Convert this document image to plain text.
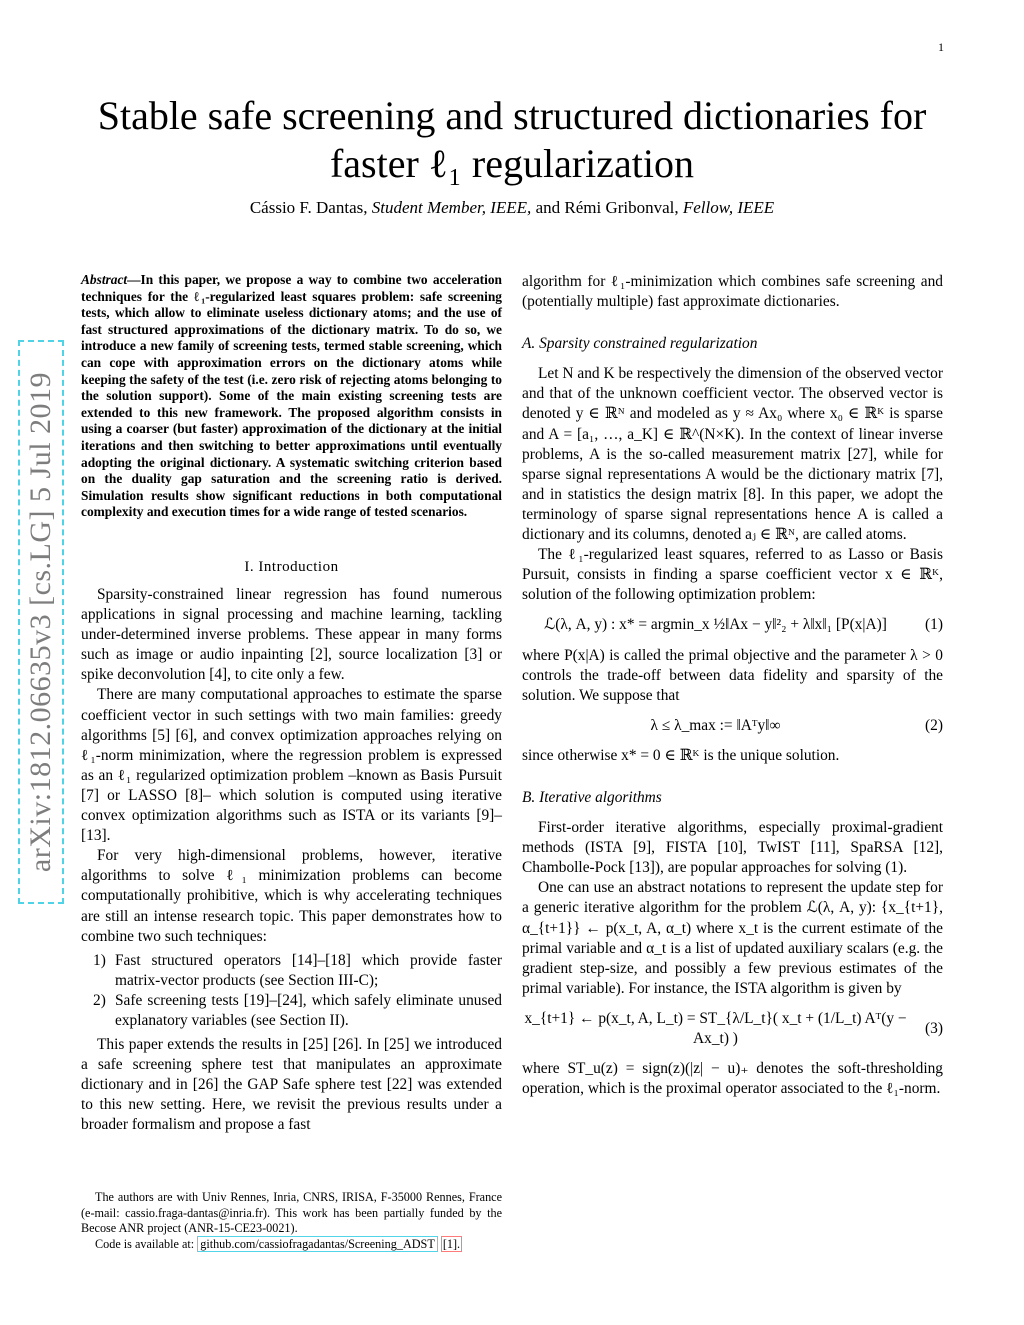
1
Stable safe screening and structured dictionaries for
faster ℓ₁ regularization
Cássio F. Dantas, Student Member, IEEE, and Rémi Gribonval, Fellow, IEEE
arXiv:1812.06635v3 [cs.LG] 5 Jul 2019

Abstract—In this paper, we propose a way to combine two acceleration techniques for the ℓ₁-regularized least squares problem: safe screening tests, which allow to eliminate useless dictionary atoms; and the use of fast structured approximations of the dictionary matrix. To do so, we introduce a new family of screening tests, termed stable screening, which can cope with approximation errors on the dictionary atoms while keeping the safety of the test (i.e. zero risk of rejecting atoms belonging to the solution support). Some of the main existing screening tests are extended to this new framework. The proposed algorithm consists in using a coarser (but faster) approximation of the dictionary at the initial iterations and then switching to better approximations until eventually adopting the original dictionary. A systematic switching criterion based on the duality gap saturation and the screening ratio is derived. Simulation results show significant reductions in both computational complexity and execution times for a wide range of tested scenarios.

I. Introduction

Sparsity-constrained linear regression has found numerous applications in signal processing and machine learning, tackling under-determined inverse problems. These appear in many forms such as image or audio inpainting [2], source localization [3] or spike deconvolution [4], to cite only a few.

There are many computational approaches to estimate the sparse coefficient vector in such settings with two main families: greedy algorithms [5] [6], and convex optimization approaches relying on ℓ₁-norm minimization, where the regression problem is expressed as an ℓ₁ regularized optimization problem –known as Basis Pursuit [7] or LASSO [8]– which solution is computed using iterative convex optimization algorithms such as ISTA or its variants [9]–[13].

For very high-dimensional problems, however, iterative algorithms to solve ℓ₁ minimization problems can become computationally prohibitive, which is why accelerating techniques are still an intense research topic. This paper demonstrates how to combine two such techniques:

1) Fast structured operators [14]–[18] which provide faster matrix-vector products (see Section III-C);
2) Safe screening tests [19]–[24], which safely eliminate unused explanatory variables (see Section II).

This paper extends the results in [25] [26]. In [25] we introduced a safe screening sphere test that manipulates an approximate dictionary and in [26] the GAP Safe sphere test [22] was extended to this new setting. Here, we revisit the previous results under a broader formalism and propose a fast

The authors are with Univ Rennes, Inria, CNRS, IRISA, F-35000 Rennes, France (e-mail: cassio.fraga-dantas@inria.fr). This work has been partially funded by the Becose ANR project (ANR-15-CE23-0021).

Code is available at: github.com/cassiofragadantas/Screening_ADST [1].

algorithm for ℓ₁-minimization which combines safe screening and (potentially multiple) fast approximate dictionaries.

A. Sparsity constrained regularization

Let N and K be respectively the dimension of the observed vector and that of the unknown coefficient vector. The observed vector is denoted y ∈ ℝᴺ and modeled as y ≈ Ax₀ where x₀ ∈ ℝᴷ is sparse and A = [a₁, …, a_K] ∈ ℝ^(N×K). In the context of linear inverse problems, A is the so-called measurement matrix [27], while for sparse signal representations A would be the dictionary matrix [7], and in statistics the design matrix [8]. In this paper, we adopt the terminology of sparse signal representations hence A is called a dictionary and its columns, denoted aⱼ ∈ ℝᴺ, are called atoms.

The ℓ₁-regularized least squares, referred to as Lasso or Basis Pursuit, consists in finding a sparse coefficient vector x ∈ ℝᴷ, solution of the following optimization problem:

ℒ(λ, A, y) : x* = argmin_x ½‖Ax − y‖²₂ + λ‖x‖₁ [P(x|A)]	(1)

where P(x|A) is called the primal objective and the parameter λ > 0 controls the trade-off between data fidelity and sparsity of the solution. We suppose that

λ ≤ λ_max := ‖Aᵀy‖∞	(2)

since otherwise x* = 0 ∈ ℝᴷ is the unique solution.

B. Iterative algorithms

First-order iterative algorithms, especially proximal-gradient methods (ISTA [9], FISTA [10], TwIST [11], SpaRSA [12], Chambolle-Pock [13]), are popular approaches for solving (1).

One can use an abstract notations to represent the update step for a generic iterative algorithm for the problem ℒ(λ, A, y): {x_{t+1}, α_{t+1}} ← p(x_t, A, α_t) where x_t is the current estimate of the primal variable and α_t is a list of updated auxiliary scalars (e.g. the gradient step-size, and possibly a few previous estimates of the primal variable). For instance, the ISTA algorithm is given by

x_{t+1} ← p(x_t, A, L_t) = ST_{λ/L_t}( x_t + (1/L_t) Aᵀ(y − Ax_t) )
(3)

where ST_u(z) = sign(z)(|z| − u)₊ denotes the soft-thresholding operation, which is the proximal operator associated to the ℓ₁-norm.
